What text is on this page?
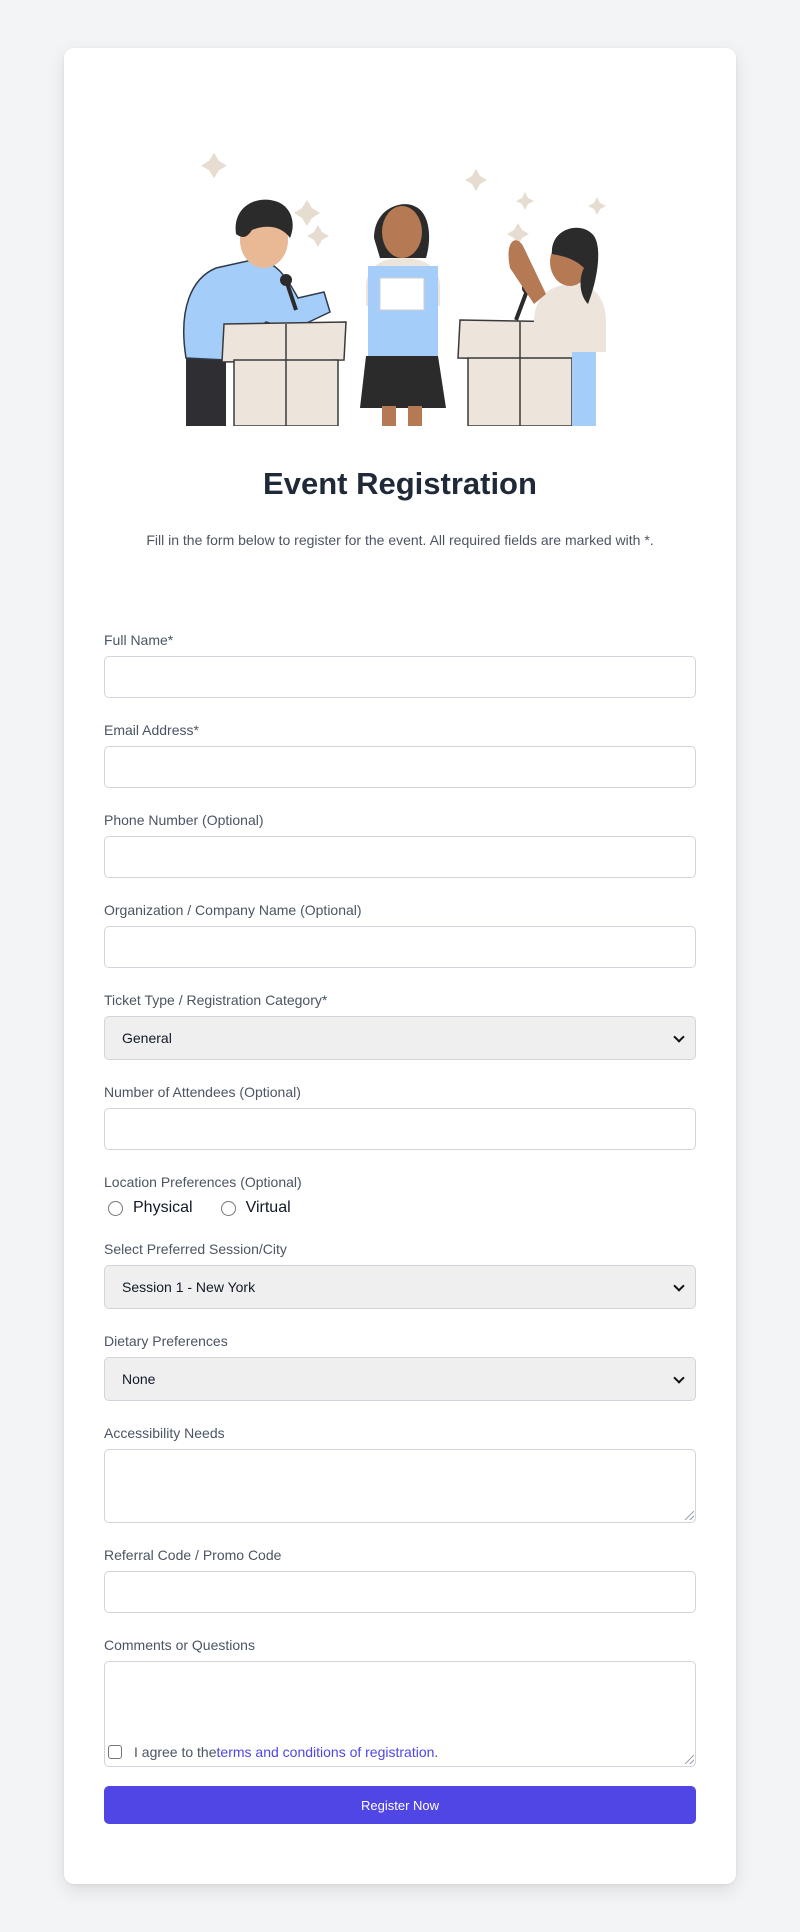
Event Registration

Fill in the form below to register for the event. All required fields are marked with *.

Full Name*
Email Address*
Phone Number (Optional)
Organization / Company Name (Optional)
Ticket Type / Registration Category*
General
Number of Attendees (Optional)
Location Preferences (Optional)
Physical	Virtual
Select Preferred Session/City
Session 1 - New York
Dietary Preferences
None
Accessibility Needs
Referral Code / Promo Code
Comments or Questions
I agree to the terms and conditions of registration .
Register Now
